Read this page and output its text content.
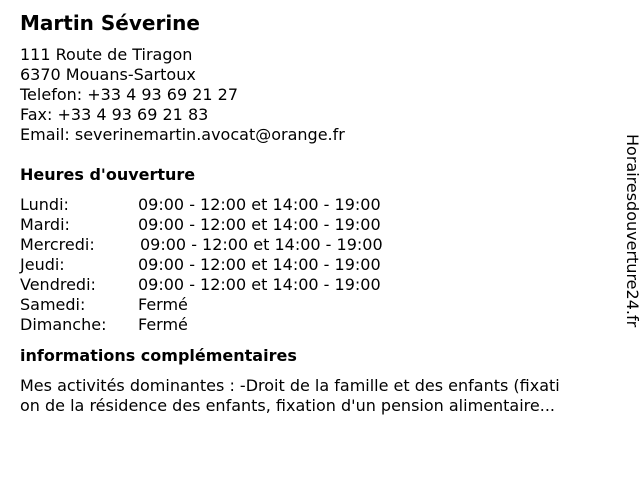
Martin Séverine
111 Route de Tiragon
6370 Mouans-Sartoux
Telefon: +33 4 93 69 21 27
Fax: +33 4 93 69 21 83
Email: severinemartin.avocat@orange.fr
Heures d'ouverture
Lundi:	09:00 - 12:00 et 14:00 - 19:00
Mardi:	09:00 - 12:00 et 14:00 - 19:00
Mercredi:	09:00 - 12:00 et 14:00 - 19:00
Jeudi:	09:00 - 12:00 et 14:00 - 19:00
Vendredi:	09:00 - 12:00 et 14:00 - 19:00
Samedi:	Fermé
Dimanche:	Fermé
informations complémentaires
Mes activités dominantes : -Droit de la famille et des enfants (fixati
on de la résidence des enfants, fixation d'un pension alimentaire...
Horairesdouverture24.fr
